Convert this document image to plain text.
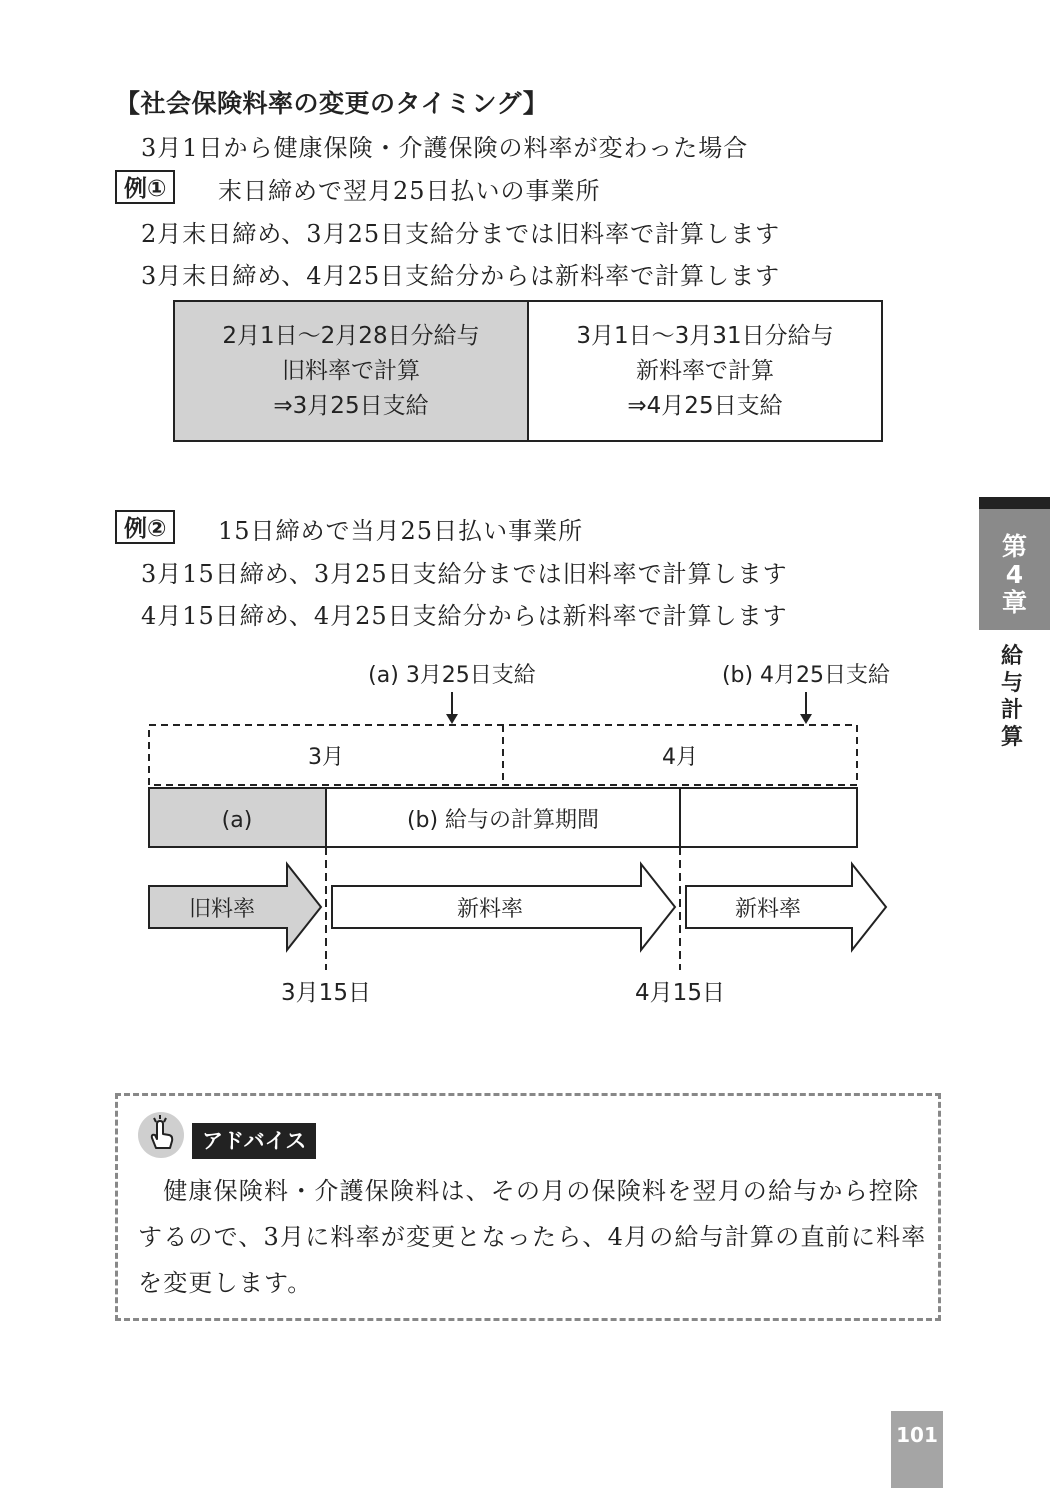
【社会保険料率の変更のタイミング】
3月1日から健康保険・介護保険の料率が変わった場合
例①	末日締めで翌月25日払いの事業所
2月末日締め、3月25日支給分までは旧料率で計算します
3月末日締め、4月25日支給分からは新料率で計算します
2月1日〜2月28日分給与
旧料率で計算
⇒3月25日支給

3月1日〜3月31日分給与
新料率で計算
⇒4月25日支給
例②	15日締めで当月25日払い事業所
3月15日締め、3月25日支給分までは旧料率で計算します
4月15日締め、4月25日支給分からは新料率で計算します
(a) 3月25日支給	(b) 4月25日支給
3月	4月
(a)	(b) 給与の計算期間
旧料率	新料率	新料率
3月15日	4月15日
第
4
章
給
与
計
算
アドバイス
　健康保険料・介護保険料は、その月の保険料を翌月の給与から控除するので、3月に料率が変更となったら、4月の給与計算の直前に料率を変更します。
101
